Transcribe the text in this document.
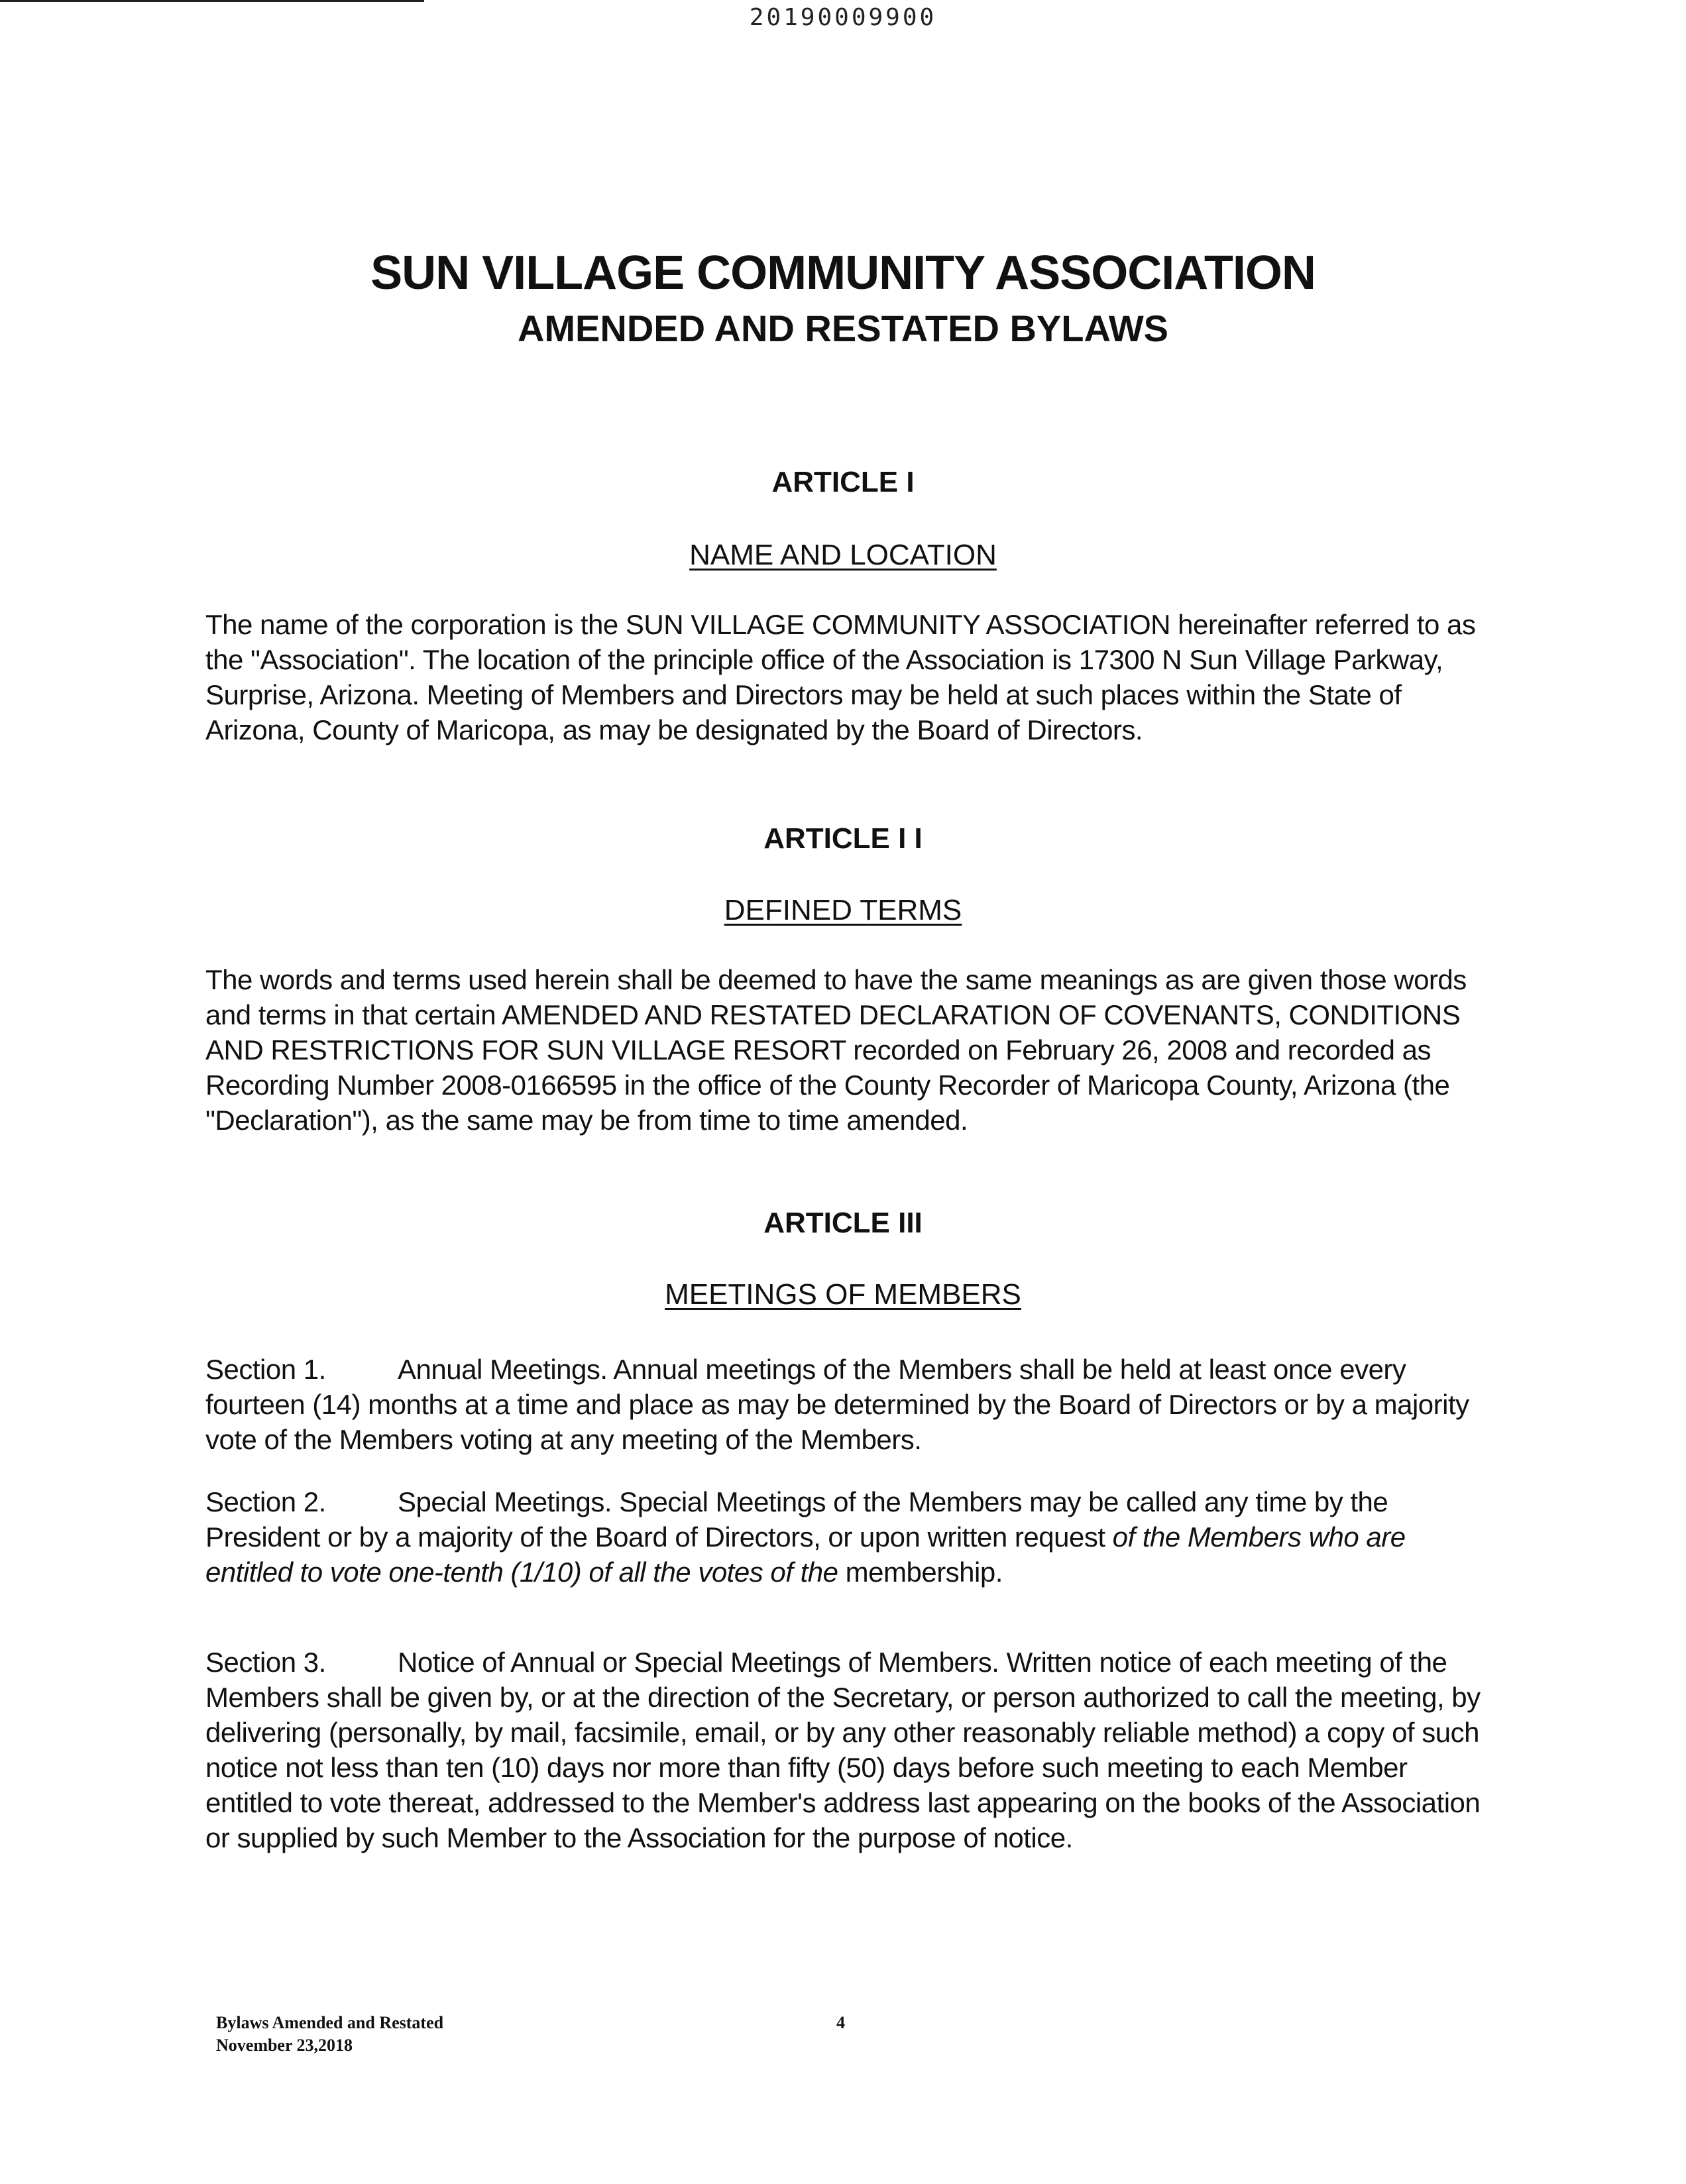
20190009900
SUN VILLAGE COMMUNITY ASSOCIATION
AMENDED AND RESTATED BYLAWS
ARTICLE I
NAME AND LOCATION
The name of the corporation is the SUN VILLAGE COMMUNITY ASSOCIATION hereinafter referred to as the "Association". The location of the principle office of the Association is 17300 N Sun Village Parkway, Surprise, Arizona. Meeting of Members and Directors may be held at such places within the State of Arizona, County of Maricopa, as may be designated by the Board of Directors.
ARTICLE I I
DEFINED TERMS
The words and terms used herein shall be deemed to have the same meanings as are given those words and terms in that certain AMENDED AND RESTATED DECLARATION OF COVENANTS, CONDITIONS AND RESTRICTIONS FOR SUN VILLAGE RESORT recorded on February 26, 2008 and recorded as Recording Number 2008-0166595 in the office of the County Recorder of Maricopa County, Arizona (the "Declaration"), as the same may be from time to time amended.
ARTICLE III
MEETINGS OF MEMBERS
Section 1.	Annual Meetings. Annual meetings of the Members shall be held at least once every fourteen (14) months at a time and place as may be determined by the Board of Directors or by a majority vote of the Members voting at any meeting of the Members.
Section 2.	Special Meetings. Special Meetings of the Members may be called any time by the President or by a majority of the Board of Directors, or upon written request of the Members who are entitled to vote one-tenth (1/10) of all the votes of the membership.
Section 3.	Notice of Annual or Special Meetings of Members. Written notice of each meeting of the Members shall be given by, or at the direction of the Secretary, or person authorized to call the meeting, by delivering (personally, by mail, facsimile, email, or by any other reasonably reliable method) a copy of such notice not less than ten (10) days nor more than fifty (50) days before such meeting to each Member entitled to vote thereat, addressed to the Member's address last appearing on the books of the Association or supplied by such Member to the Association for the purpose of notice.
Bylaws Amended and Restated
November 23,2018
4
